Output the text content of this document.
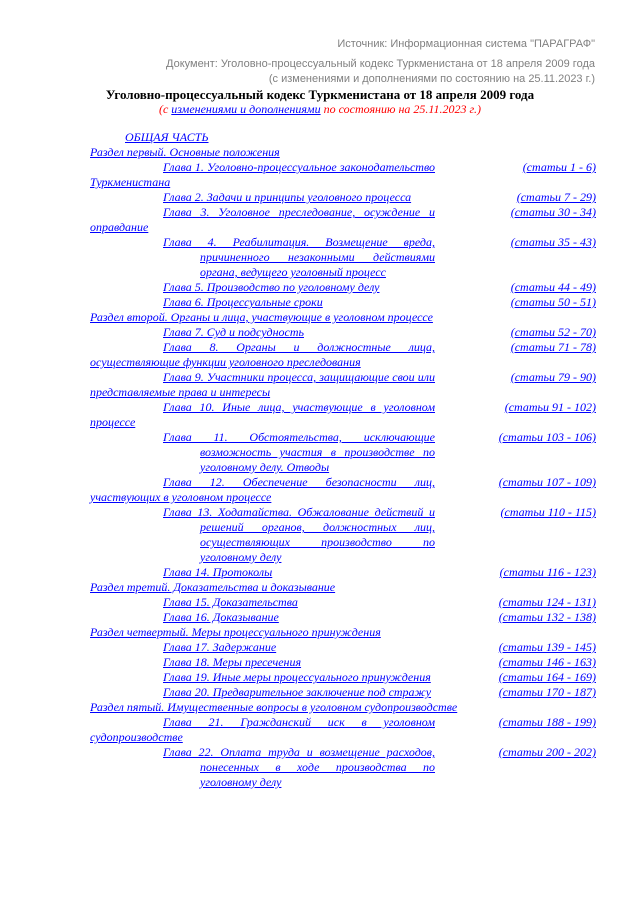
Источник: Информационная система "ПАРАГРАФ"
Документ: Уголовно-процессуальный кодекс Туркменистана от 18 апреля 2009 года (с изменениями и дополнениями по состоянию на 25.11.2023 г.)
Уголовно-процессуальный кодекс Туркменистана от 18 апреля 2009 года
(с изменениями и дополнениями по состоянию на 25.11.2023 г.)
ОБЩАЯ ЧАСТЬ
Раздел первый. Основные положения
Глава 1. Уголовно-процессуальное законодательство Туркменистана
(статьи 1 - 6)
Глава 2. Задачи и принципы уголовного процесса	(статьи 7 - 29)
Глава 3. Уголовное преследование, осуждение и оправдание
(статьи 30 - 34)
Глава 4. Реабилитация. Возмещение вреда, причиненного незаконными действиями органа, ведущего уголовный процесс
(статьи 35 - 43)
Глава 5. Производство по уголовному делу	(статьи 44 - 49)
Глава 6. Процессуальные сроки	(статьи 50 - 51)
Раздел второй. Органы и лица, участвующие в уголовном процессе
Глава 7. Суд и подсудность	(статьи 52 - 70)
Глава 8. Органы и должностные лица, осуществляющие функции уголовного преследования
(статьи 71 - 78)
Глава 9. Участники процесса, защищающие свои или представляемые права и интересы
(статьи 79 - 90)
Глава 10. Иные лица, участвующие в уголовном процессе
(статьи 91 - 102)
Глава 11. Обстоятельства, исключающие возможность участия в производстве по уголовному делу. Отводы
(статьи 103 - 106)
Глава 12. Обеспечение безопасности лиц, участвующих в уголовном процессе
(статьи 107 - 109)
Глава 13. Ходатайства. Обжалование действий и решений органов, должностных лиц, осуществляющих производство по уголовному делу
(статьи 110 - 115)
Глава 14. Протоколы	(статьи 116 - 123)
Раздел третий. Доказательства и доказывание
Глава 15. Доказательства	(статьи 124 - 131)
Глава 16. Доказывание	(статьи 132 - 138)
Раздел четвертый. Меры процессуального принуждения
Глава 17. Задержание	(статьи 139 - 145)
Глава 18. Меры пресечения	(статьи 146 - 163)
Глава 19. Иные меры процессуального принуждения	(статьи 164 - 169)
Глава 20. Предварительное заключение под стражу	(статьи 170 - 187)
Раздел пятый. Имущественные вопросы в уголовном судопроизводстве
Глава 21. Гражданский иск в уголовном судопроизводстве
(статьи 188 - 199)
Глава 22. Оплата труда и возмещение расходов, понесенных в ходе производства по уголовному делу
(статьи 200 - 202)
